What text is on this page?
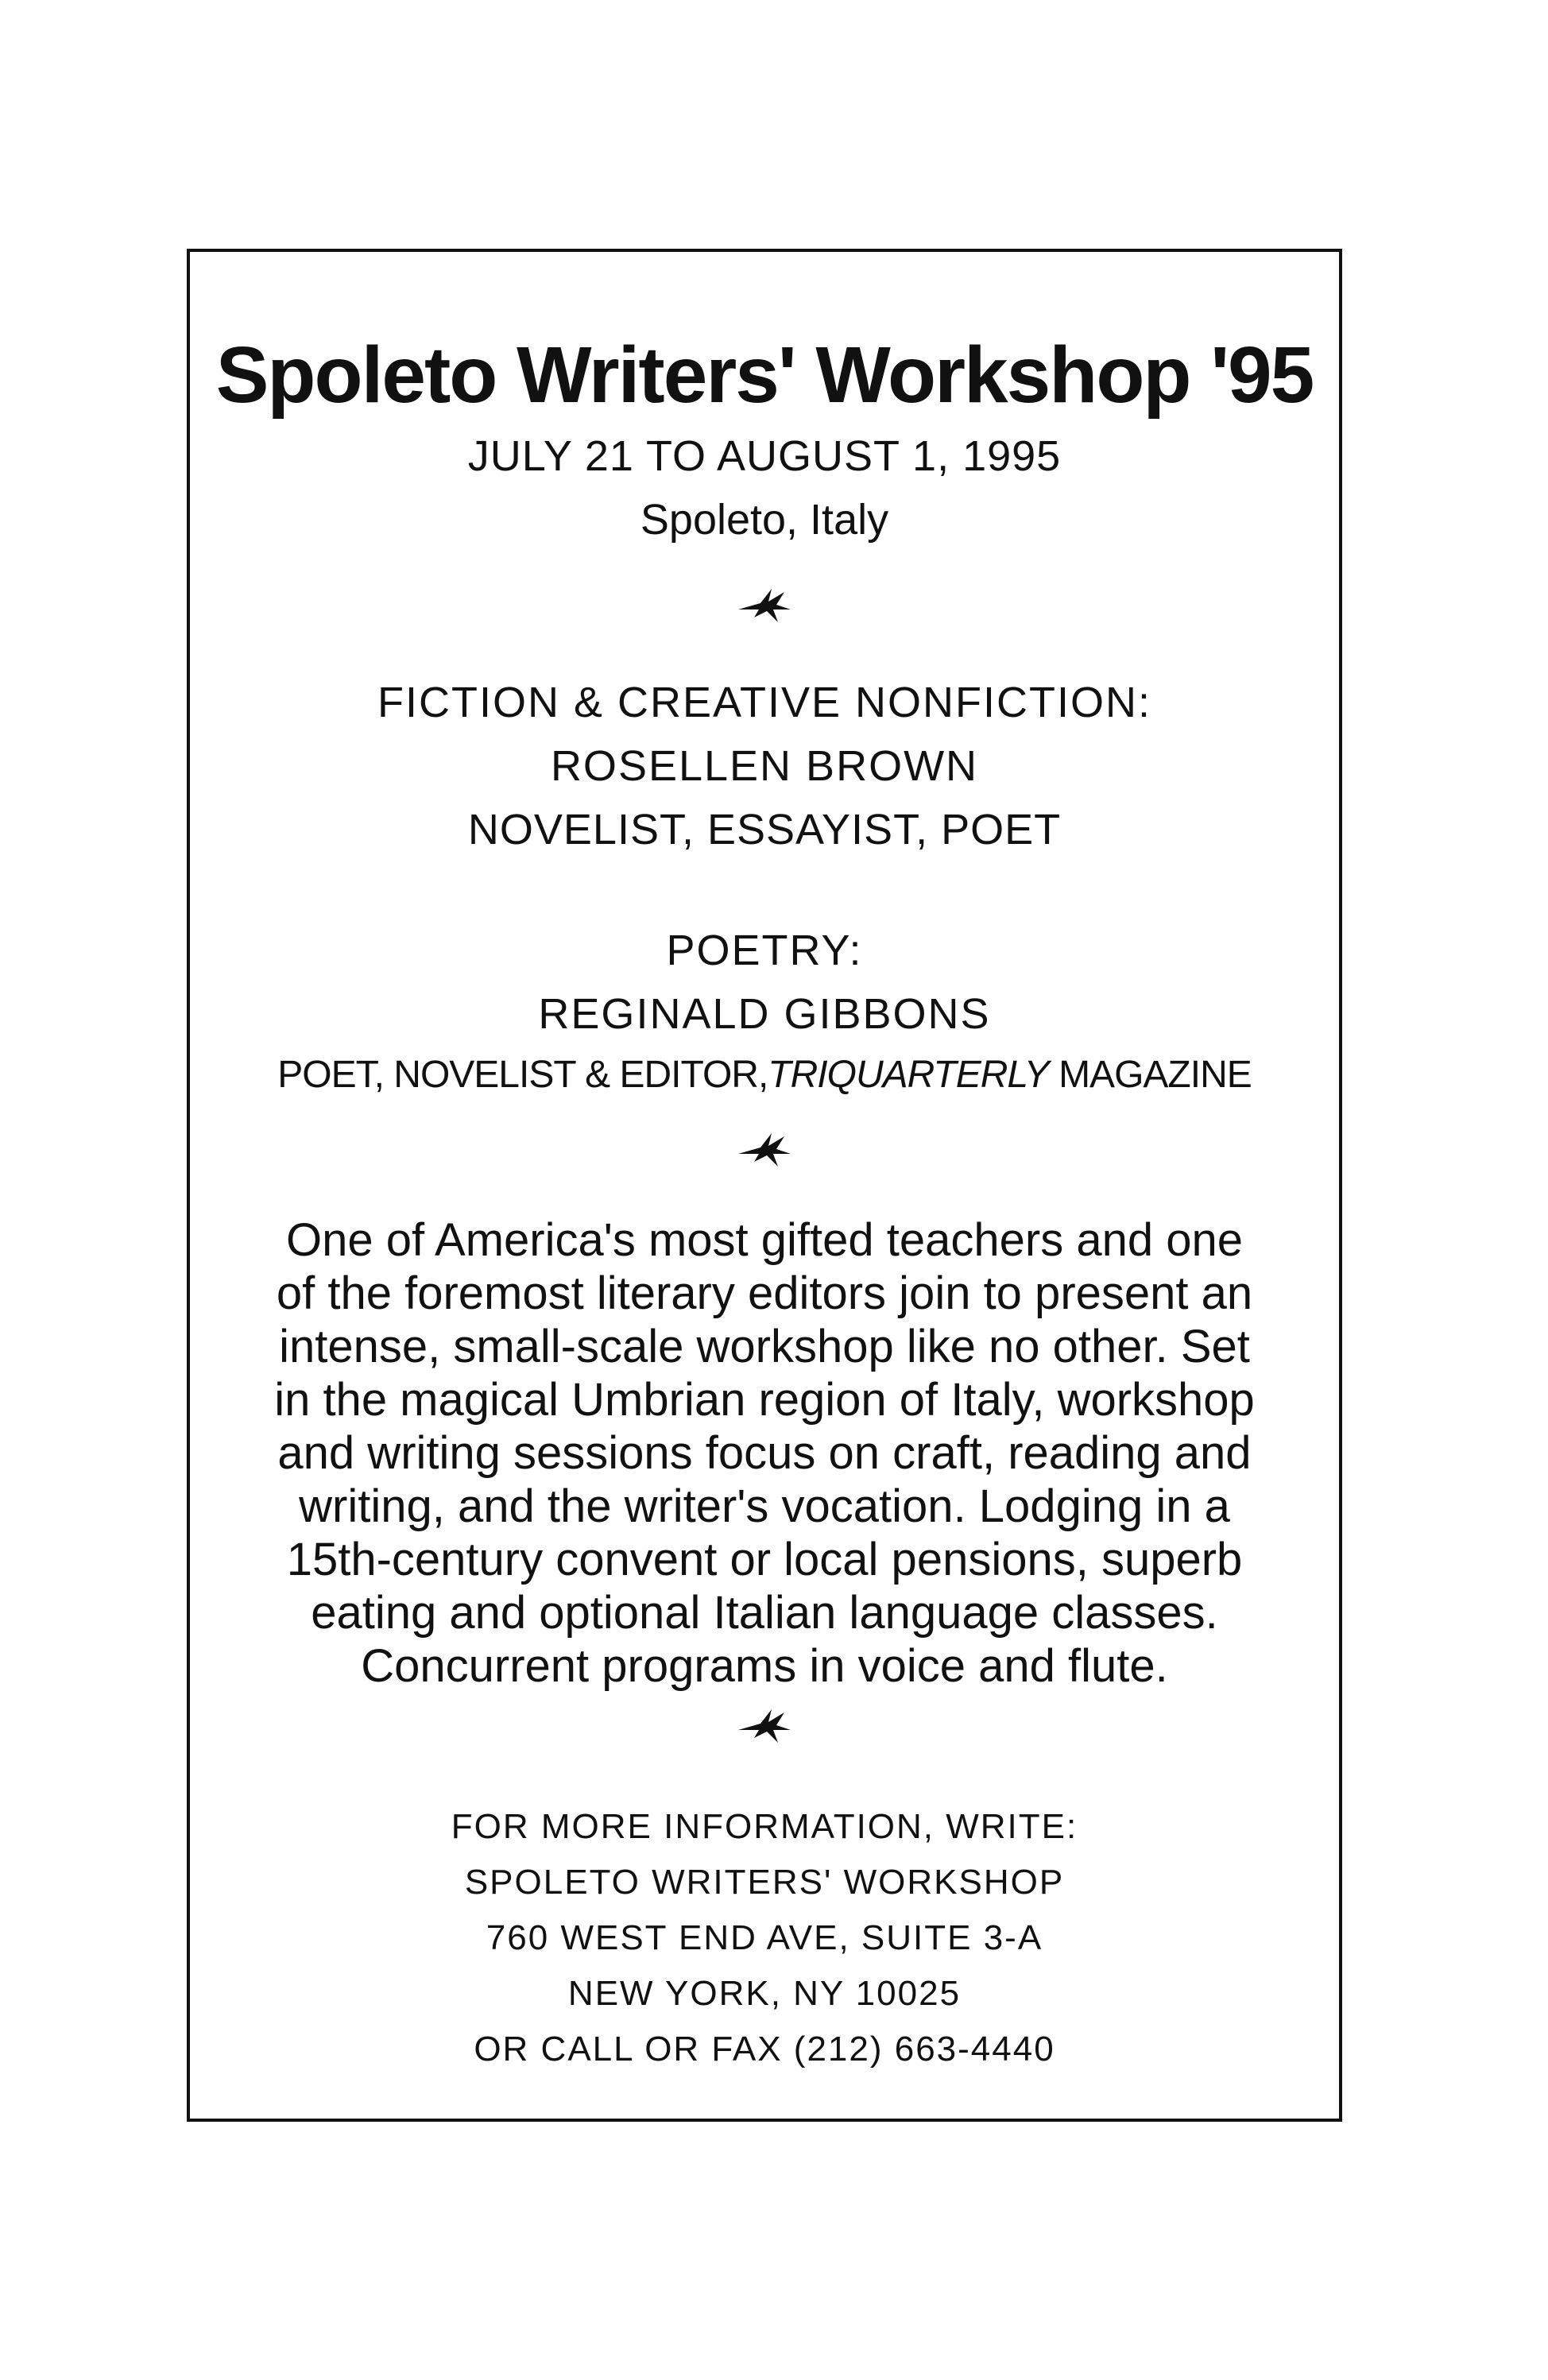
Spoleto Writers' Workshop '95
JULY 21 TO AUGUST 1, 1995
Spoleto, Italy
FICTION & CREATIVE NONFICTION:
ROSELLEN BROWN
NOVELIST, ESSAYIST, POET
POETRY:
REGINALD GIBBONS
POET, NOVELIST & EDITOR,TRIQUARTERLY MAGAZINE
One of America's most gifted teachers and one
of the foremost literary editors join to present an
intense, small-scale workshop like no other. Set
in the magical Umbrian region of Italy, workshop
and writing sessions focus on craft, reading and
writing, and the writer's vocation. Lodging in a
15th-century convent or local pensions, superb
eating and optional Italian language classes.
Concurrent programs in voice and flute.
FOR MORE INFORMATION, WRITE:
SPOLETO WRITERS' WORKSHOP
760 WEST END AVE, SUITE 3-A
NEW YORK, NY 10025
OR CALL OR FAX (212) 663-4440
